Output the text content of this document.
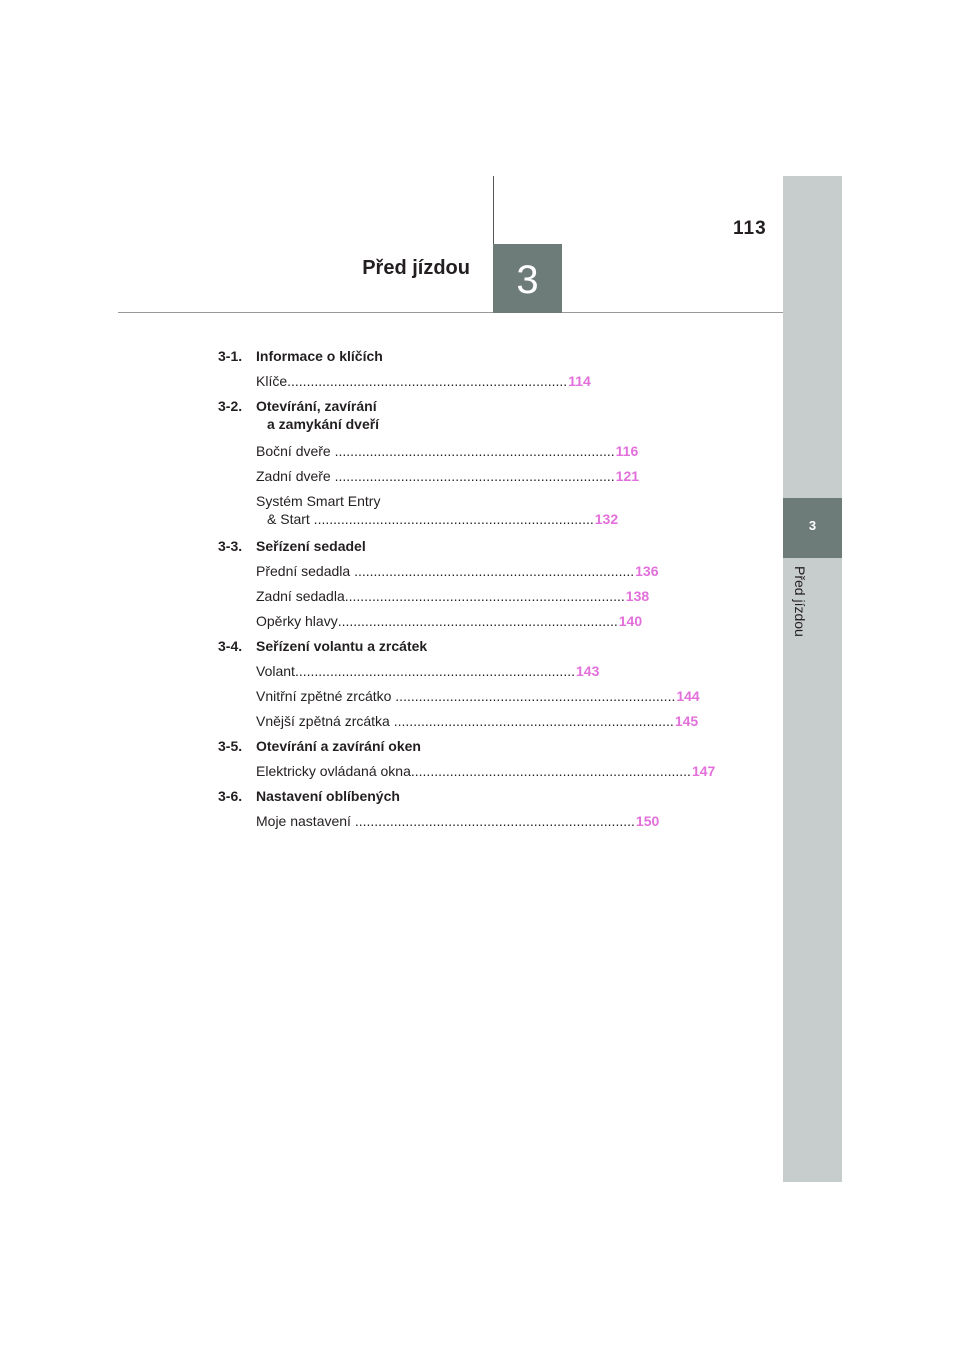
3
Před jízdou
3
Před jízdou
113
3-1. Informace o klíčích
Klíče ........................................................................ 114
3-2. Otevírání, zavírání
a zamykání dveří
Boční dveře ........................................................................ 116
Zadní dveře ........................................................................ 121
Systém Smart Entry
& Start ........................................................................ 132
3-3. Seřízení sedadel
Přední sedadla ........................................................................ 136
Zadní sedadla ........................................................................ 138
Opěrky hlavy ........................................................................ 140
3-4. Seřízení volantu a zrcátek
Volant ........................................................................ 143
Vnitřní zpětné zrcátko ........................................................................ 144
Vnější zpětná zrcátka ........................................................................ 145
3-5. Otevírání a zavírání oken
Elektricky ovládaná okna ........................................................................ 147
3-6. Nastavení oblíbených
Moje nastavení ........................................................................ 150
